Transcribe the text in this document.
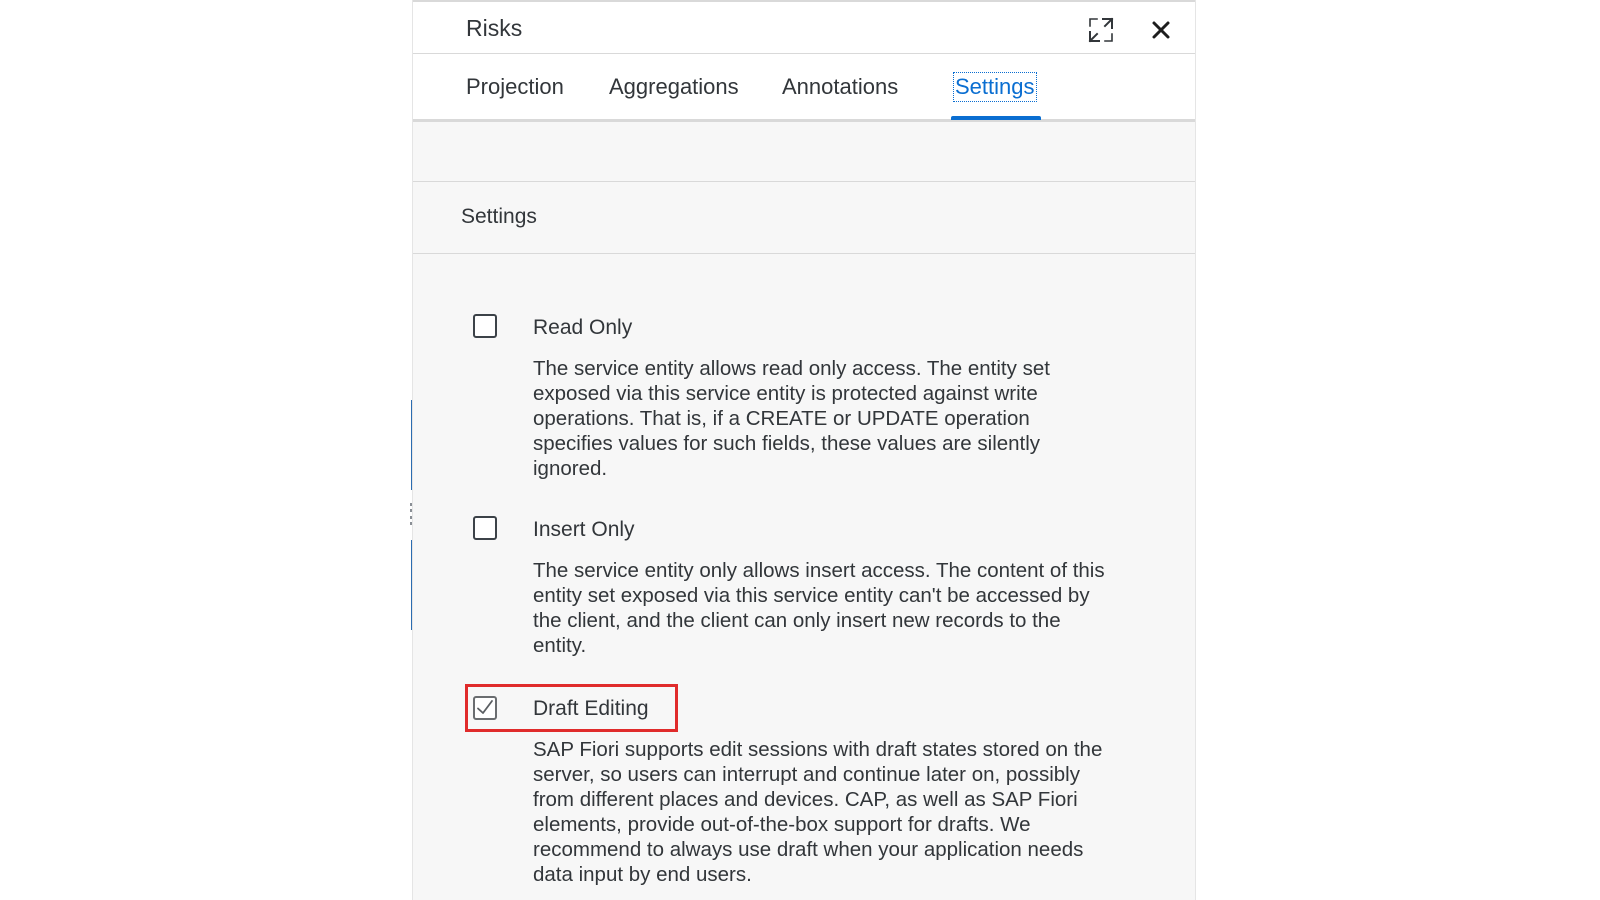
Risks
Projection Aggregations Annotations	Settings
Settings
Read Only
The service entity allows read only access. The entity set exposed via this service entity is protected against write operations. That is, if a CREATE or UPDATE operation specifies values for such fields, these values are silently ignored.
Insert Only
The service entity only allows insert access. The content of this entity set exposed via this service entity can't be accessed by the client, and the client can only insert new records to the entity.
Draft Editing
SAP Fiori supports edit sessions with draft states stored on the server, so users can interrupt and continue later on, possibly from different places and devices. CAP, as well as SAP Fiori elements, provide out-of-the-box support for drafts. We recommend to always use draft when your application needs data input by end users.
